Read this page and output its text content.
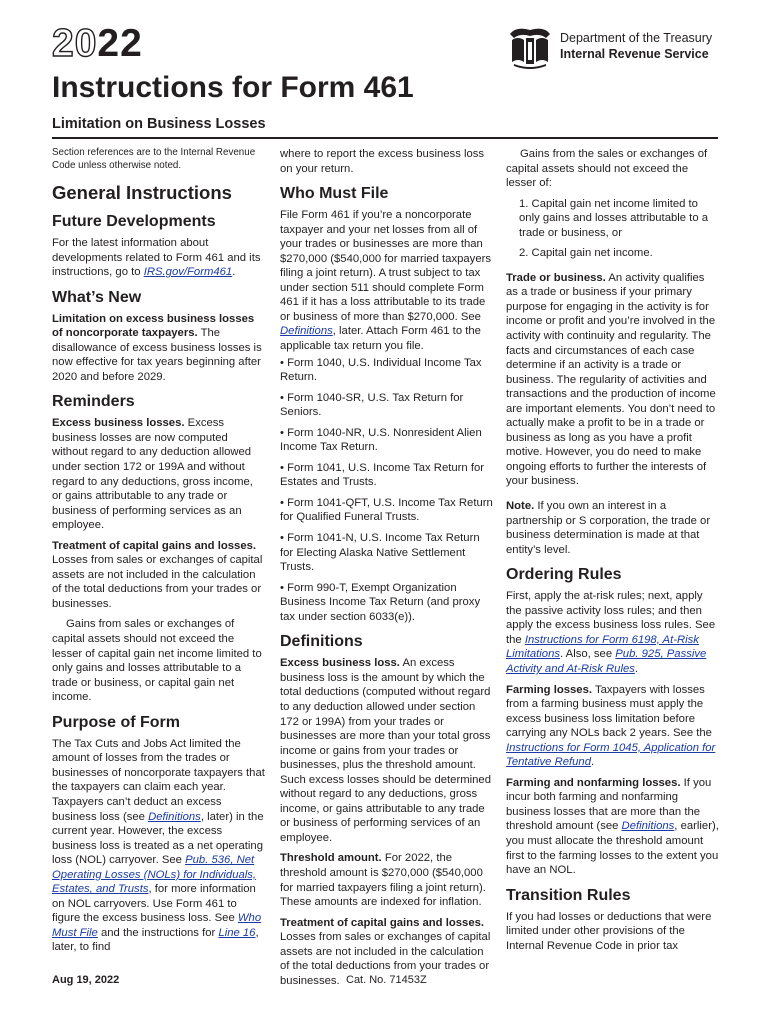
2022
Instructions for Form 461
Limitation on Business Losses
Department of the Treasury
Internal Revenue Service

Section references are to the Internal Revenue Code unless otherwise noted.

General Instructions
Future Developments

For the latest information about developments related to Form 461 and its instructions, go to IRS.gov/Form461.

What’s New

Limitation on excess business losses of noncorporate taxpayers. The disallowance of excess business losses is now effective for tax years beginning after 2020 and before 2029.

Reminders

Excess business losses. Excess business losses are now computed without regard to any deduction allowed under section 172 or 199A and without regard to any deductions, gross income, or gains attributable to any trade or business of performing services as an employee.

Treatment of capital gains and losses. Losses from sales or exchanges of capital assets are not included in the calculation of the total deductions from your trades or businesses.

Gains from sales or exchanges of capital assets should not exceed the lesser of capital gain net income limited to only gains and losses attributable to a trade or business, or capital gain net income.

Purpose of Form

The Tax Cuts and Jobs Act limited the amount of losses from the trades or businesses of noncorporate taxpayers that the taxpayers can claim each year. Taxpayers can’t deduct an excess business loss (see Definitions, later) in the current year. However, the excess business loss is treated as a net operating loss (NOL) carryover. See Pub. 536, Net Operating Losses (NOLs) for Individuals, Estates, and Trusts, for more information on NOL carryovers. Use Form 461 to figure the excess business loss. See Who Must File and the instructions for Line 16, later, to find

where to report the excess business loss on your return.

Who Must File

File Form 461 if you’re a noncorporate taxpayer and your net losses from all of your trades or businesses are more than $270,000 ($540,000 for married taxpayers filing a joint return). A trust subject to tax under section 511 should complete Form 461 if it has a loss attributable to its trade or business of more than $270,000. See Definitions, later. Attach Form 461 to the applicable tax return you file.

• Form 1040, U.S. Individual Income Tax Return.

• Form 1040-SR, U.S. Tax Return for Seniors.

• Form 1040-NR, U.S. Nonresident Alien Income Tax Return.

• Form 1041, U.S. Income Tax Return for Estates and Trusts.

• Form 1041-QFT, U.S. Income Tax Return for Qualified Funeral Trusts.

• Form 1041-N, U.S. Income Tax Return for Electing Alaska Native Settlement Trusts.

• Form 990-T, Exempt Organization Business Income Tax Return (and proxy tax under section 6033(e)).

Definitions

Excess business loss. An excess business loss is the amount by which the total deductions (computed without regard to any deduction allowed under section 172 or 199A) from your trades or businesses are more than your total gross income or gains from your trades or businesses, plus the threshold amount. Such excess losses should be determined without regard to any deductions, gross income, or gains attributable to any trade or business of performing services of an employee.

Threshold amount. For 2022, the threshold amount is $270,000 ($540,000 for married taxpayers filing a joint return). These amounts are indexed for inflation.

Treatment of capital gains and losses. Losses from sales or exchanges of capital assets are not included in the calculation of the total deductions from your trades or businesses.

Gains from the sales or exchanges of capital assets should not exceed the lesser of:

1. Capital gain net income limited to only gains and losses attributable to a trade or business, or

2. Capital gain net income.

Trade or business. An activity qualifies as a trade or business if your primary purpose for engaging in the activity is for income or profit and you’re involved in the activity with continuity and regularity. The facts and circumstances of each case determine if an activity is a trade or business. The regularity of activities and transactions and the production of income are important elements. You don’t need to actually make a profit to be in a trade or business as long as you have a profit motive. However, you do need to make ongoing efforts to further the interests of your business.

Note. If you own an interest in a partnership or S corporation, the trade or business determination is made at that entity’s level.

Ordering Rules

First, apply the at-risk rules; next, apply the passive activity loss rules; and then apply the excess business loss rules. See the Instructions for Form 6198, At-Risk Limitations. Also, see Pub. 925, Passive Activity and At-Risk Rules.

Farming losses. Taxpayers with losses from a farming business must apply the excess business loss limitation before carrying any NOLs back 2 years. See the Instructions for Form 1045, Application for Tentative Refund.

Farming and nonfarming losses. If you incur both farming and nonfarming business losses that are more than the threshold amount (see Definitions, earlier), you must allocate the threshold amount first to the farming losses to the extent you have an NOL.

Transition Rules

If you had losses or deductions that were limited under other provisions of the Internal Revenue Code in prior tax

Aug 19, 2022	Cat. No. 71453Z
